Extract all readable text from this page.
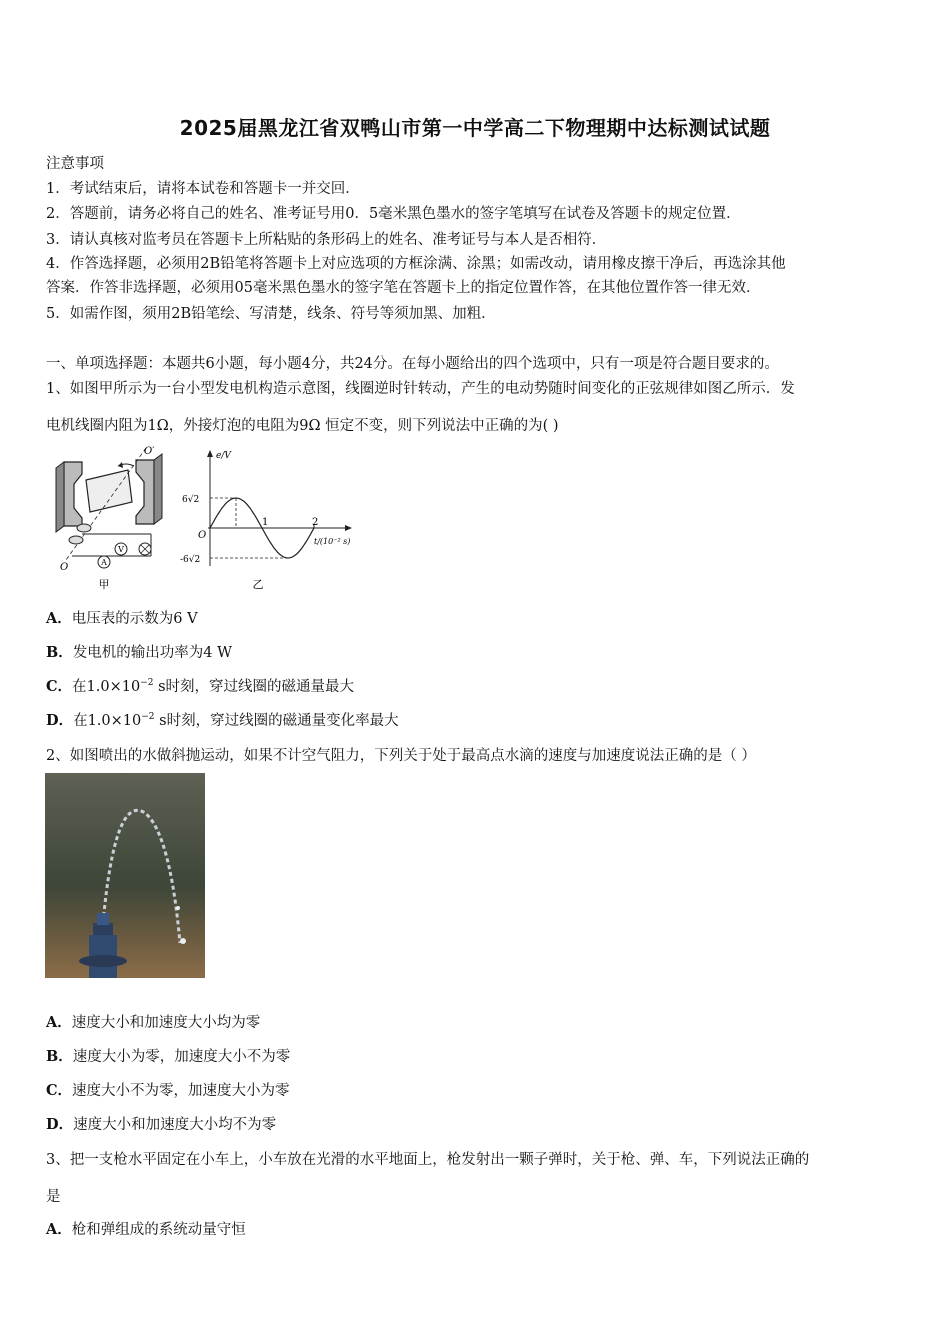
2025届黑龙江省双鸭山市第一中学高二下物理期中达标测试试题
注意事项
1．考试结束后，请将本试卷和答题卡一并交回．
2．答题前，请务必将自己的姓名、准考证号用0．5毫米黑色墨水的签字笔填写在试卷及答题卡的规定位置．
3．请认真核对监考员在答题卡上所粘贴的条形码上的姓名、准考证号与本人是否相符．
4．作答选择题，必须用2B铅笔将答题卡上对应选项的方框涂满、涂黑；如需改动，请用橡皮擦干净后，再选涂其他
答案．作答非选择题，必须用05毫米黑色墨水的签字笔在答题卡上的指定位置作答，在其他位置作答一律无效．
5．如需作图，须用2B铅笔绘、写清楚，线条、符号等须加黑、加粗．
一、单项选择题：本题共6小题，每小题4分，共24分。在每小题给出的四个选项中，只有一项是符合题目要求的。
1、如图甲所示为一台小型发电机构造示意图，线圈逆时针转动，产生的电动势随时间变化的正弦规律如图乙所示．发
电机线圈内阻为1Ω，外接灯泡的电阻为9Ω 恒定不变，则下列说法中正确的为( )
V
A
O′
O
甲
e/V
6√2
-6√2
O
1	2
t/(10⁻² s)
乙
A．电压表的示数为6 V
B．发电机的输出功率为4 W
C．在$1.0\times 10^{-2}$ s时刻，穿过线圈的磁通量最大
D．在$1.0\times 10^{-2}$ s时刻，穿过线圈的磁通量变化率最大
2、如图喷出的水做斜抛运动，如果不计空气阻力，下列关于处于最高点水滴的速度与加速度说法正确的是（ ）
A．速度大小和加速度大小均为零
B．速度大小为零，加速度大小不为零
C．速度大小不为零，加速度大小为零
D．速度大小和加速度大小均不为零
3、把一支枪水平固定在小车上，小车放在光滑的水平地面上，枪发射出一颗子弹时，关于枪、弹、车，下列说法正确的
是
A．枪和弹组成的系统动量守恒
